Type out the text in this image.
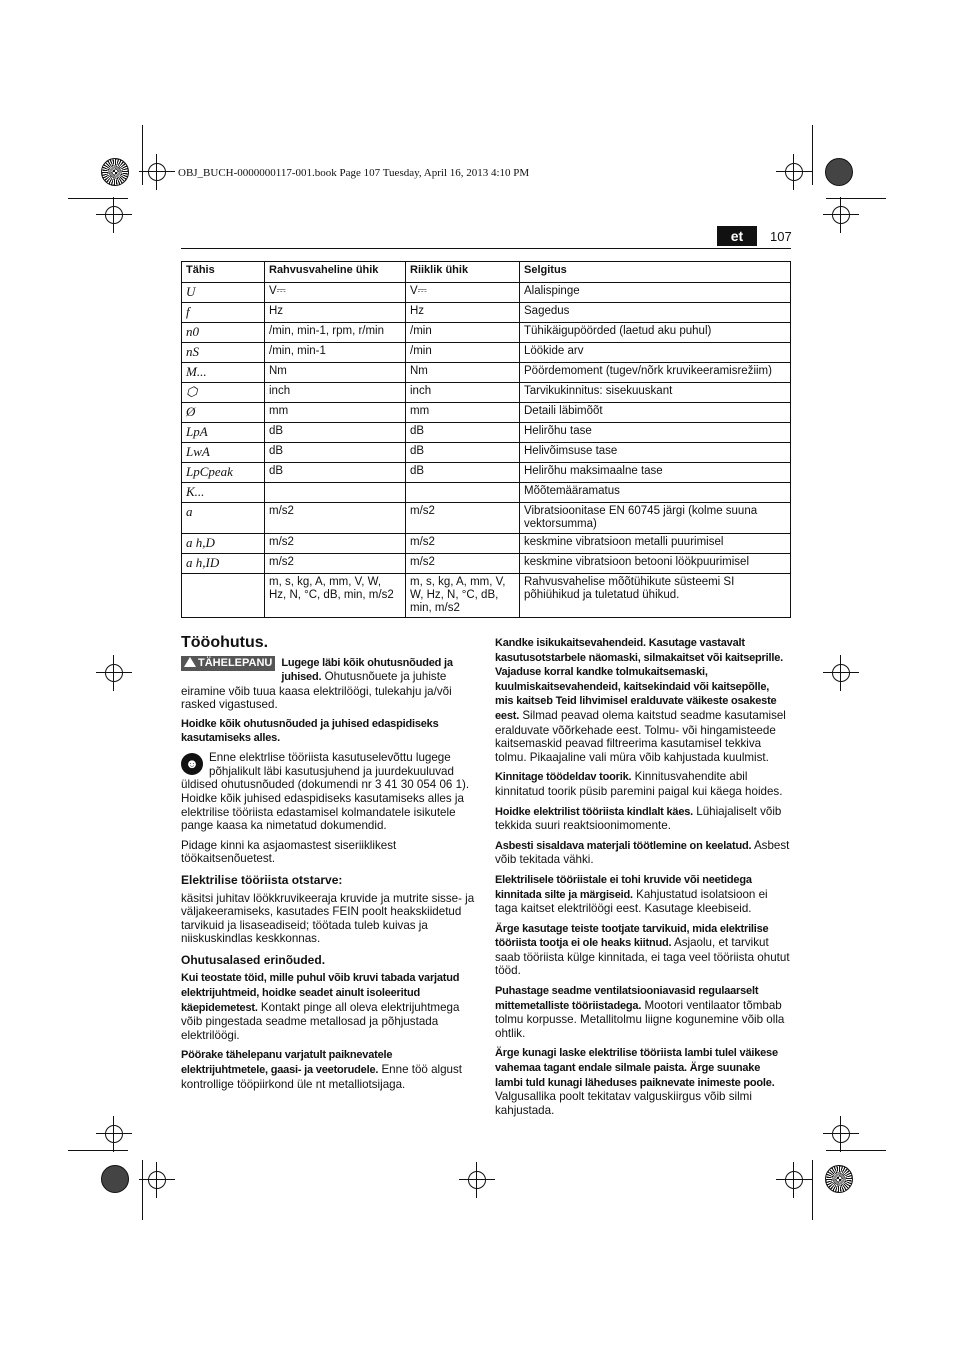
OBJ_BUCH-0000000117-001.book Page 107 Tuesday, April 16, 2013 4:10 PM
et	107
Tähis	Rahvusvaheline ühik	Riiklik ühik	Selgitus
U	V⎓	V⎓	Alalispinge
f	Hz	Hz	Sagedus
n0	/min, min-1, rpm, r/min	/min	Tühikäigupöörded (laetud aku puhul)
nS	/min, min-1	/min	Löökide arv
M...	Nm	Nm	Pöördemoment (tugev/nõrk kruvikeeramisrežiim)
⬡	inch	inch	Tarvikukinnitus: sisekuuskant
Ø	mm	mm	Detaili läbimõõt
LpA	dB	dB	Helirõhu tase
LwA	dB	dB	Helivõimsuse tase
LpCpeak	dB	dB	Helirõhu maksimaalne tase
K...			Mõõtemääramatus
a	m/s2	m/s2	Vibratsioonitase EN 60745 järgi (kolme suuna vektorsumma)
a h,D	m/s2	m/s2	keskmine vibratsioon metalli puurimisel
a h,ID	m/s2	m/s2	keskmine vibratsioon betooni löökpuurimisel
	m, s, kg, A, mm, V, W, Hz, N, °C, dB, min, m/s2	m, s, kg, A, mm, V, W, Hz, N, °C, dB, min, m/s2	Rahvusvahelise mõõtühikute süsteemi SI põhiühikud ja tuletatud ühikud.
Tööohutus.

TÄHELEPANU Lugege läbi kõik ohutusnõuded ja juhised. Ohutusnõuete ja juhiste eiramine võib tuua kaasa elektrilöögi, tulekahju ja/või rasked vigastused.

Hoidke kõik ohutusnõuded ja juhised edaspidiseks kasutamiseks alles.

☻ Enne elektrlise tööriista kasutuselevõttu lugege põhjalikult läbi kasutusjuhend ja juurdekuuluvad üldised ohutusnõuded (dokumendi nr 3 41 30 054 06 1). Hoidke kõik juhised edaspidiseks kasutamiseks alles ja elektrilise tööriista edastamisel kolmandatele isikutele pange kaasa ka nimetatud dokumendid.

Pidage kinni ka asjaomastest siseriiklikest töökaitsenõuetest.

Elektrilise tööriista otstarve:

käsitsi juhitav löökkruvikeeraja kruvide ja mutrite sisse- ja väljakeeramiseks, kasutades FEIN poolt heakskiidetud tarvikuid ja lisaseadiseid; töötada tuleb kuivas ja niiskuskindlas keskkonnas.

Ohutusalased erinõuded.

Kui teostate töid, mille puhul võib kruvi tabada varjatud elektrijuhtmeid, hoidke seadet ainult isoleeritud käepidemetest. Kontakt pinge all oleva elektrijuhtmega võib pingestada seadme metallosad ja põhjustada elektrilöögi.

Pöörake tähelepanu varjatult paiknevatele elektrijuhtmetele, gaasi- ja veetorudele. Enne töö algust kontrollige tööpiirkond üle nt metalliotsijaga.

Kandke isikukaitsevahendeid. Kasutage vastavalt kasutusotstarbele näomaski, silmakaitset või kaitseprille. Vajaduse korral kandke tolmukaitsemaski, kuulmiskaitsevahendeid, kaitsekindaid või kaitsepõlle, mis kaitseb Teid lihvimisel eralduvate väikeste osakeste eest. Silmad peavad olema kaitstud seadme kasutamisel eralduvate võõrkehade eest. Tolmu- või hingamisteede kaitsemaskid peavad filtreerima kasutamisel tekkiva tolmu. Pikaajaline vali müra võib kahjustada kuulmist.

Kinnitage töödeldav toorik. Kinnitusvahendite abil kinnitatud toorik püsib paremini paigal kui käega hoides.

Hoidke elektrilist tööriista kindlalt käes. Lühiajaliselt võib tekkida suuri reaktsioonimomente.

Asbesti sisaldava materjali töötlemine on keelatud. Asbest võib tekitada vähki.

Elektrilisele tööriistale ei tohi kruvide või neetidega kinnitada silte ja märgiseid. Kahjustatud isolatsioon ei taga kaitset elektrilöögi eest. Kasutage kleebiseid.

Ärge kasutage teiste tootjate tarvikuid, mida elektrilise tööriista tootja ei ole heaks kiitnud. Asjaolu, et tarvikut saab tööriista külge kinnitada, ei taga veel tööriista ohutut tööd.

Puhastage seadme ventilatsiooniavasid regulaarselt mittemetalliste tööriistadega. Mootori ventilaator tõmbab tolmu korpusse. Metallitolmu liigne kogunemine võib olla ohtlik.

Ärge kunagi laske elektrilise tööriista lambi tulel väikese vahemaa tagant endale silmale paista. Ärge suunake lambi tuld kunagi läheduses paiknevate inimeste poole. Valgusallika poolt tekitatav valguskiirgus võib silmi kahjustada.
